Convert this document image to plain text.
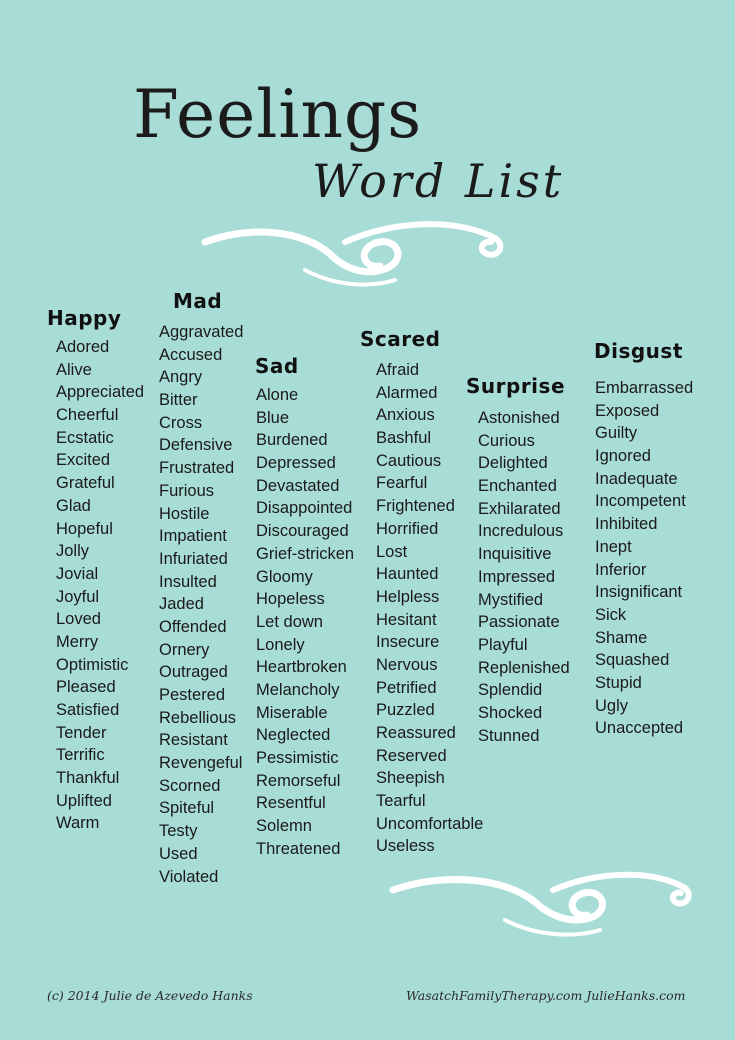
Feelings
Word List
Happy
Adored
Alive
Appreciated
Cheerful
Ecstatic
Excited
Grateful
Glad
Hopeful
Jolly
Jovial
Joyful
Loved
Merry
Optimistic
Pleased
Satisfied
Tender
Terrific
Thankful
Uplifted
Warm
Mad
Aggravated
Accused
Angry
Bitter
Cross
Defensive
Frustrated
Furious
Hostile
Impatient
Infuriated
Insulted
Jaded
Offended
Ornery
Outraged
Pestered
Rebellious
Resistant
Revengeful
Scorned
Spiteful
Testy
Used
Violated
Sad
Alone
Blue
Burdened
Depressed
Devastated
Disappointed
Discouraged
Grief-stricken
Gloomy
Hopeless
Let down
Lonely
Heartbroken
Melancholy
Miserable
Neglected
Pessimistic
Remorseful
Resentful
Solemn
Threatened
Scared
Afraid
Alarmed
Anxious
Bashful
Cautious
Fearful
Frightened
Horrified
Lost
Haunted
Helpless
Hesitant
Insecure
Nervous
Petrified
Puzzled
Reassured
Reserved
Sheepish
Tearful
Uncomfortable
Useless
Surprise
Astonished
Curious
Delighted
Enchanted
Exhilarated
Incredulous
Inquisitive
Impressed
Mystified
Passionate
Playful
Replenished
Splendid
Shocked
Stunned
Disgust
Embarrassed
Exposed
Guilty
Ignored
Inadequate
Incompetent
Inhibited
Inept
Inferior
Insignificant
Sick
Shame
Squashed
Stupid
Ugly
Unaccepted
(c) 2014 Julie de Azevedo Hanks	WasatchFamilyTherapy.com JulieHanks.com
